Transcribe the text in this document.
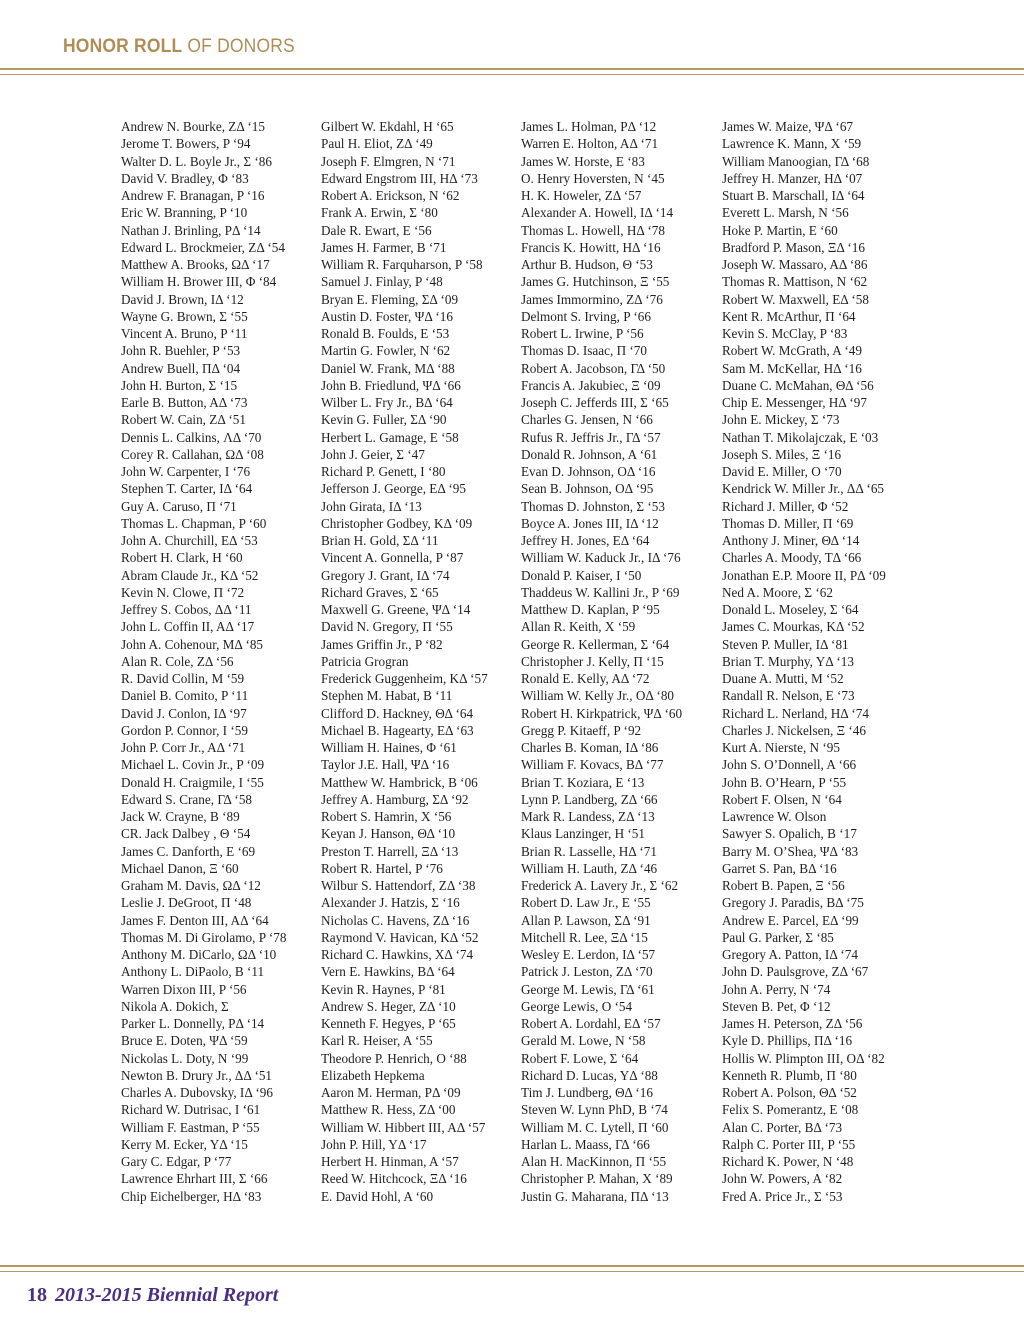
HONOR ROLL OF DONORS
Andrew N. Bourke, ZΔ ‘15
Jerome T. Bowers, P ‘94
Walter D. L. Boyle Jr., Σ ‘86
David V. Bradley, Φ ‘83
Andrew F. Branagan, P ‘16
Eric W. Branning, P ‘10
Nathan J. Brinling, PΔ ‘14
Edward L. Brockmeier, ZΔ ‘54
Matthew A. Brooks, ΩΔ ‘17
William H. Brower III, Φ ‘84
David J. Brown, IΔ ‘12
Wayne G. Brown, Σ ‘55
Vincent A. Bruno, P ‘11
John R. Buehler, P ‘53
Andrew Buell, ΠΔ ‘04
John H. Burton, Σ ‘15
Earle B. Button, AΔ ‘73
Robert W. Cain, ZΔ ‘51
Dennis L. Calkins, ΛΔ ‘70
Corey R. Callahan, ΩΔ ‘08
John W. Carpenter, I ‘76
Stephen T. Carter, IΔ ‘64
Guy A. Caruso, Π ‘71
Thomas L. Chapman, P ‘60
John A. Churchill, EΔ ‘53
Robert H. Clark, H ‘60
Abram Claude Jr., KΔ ‘52
Kevin N. Clowe, Π ‘72
Jeffrey S. Cobos, ΔΔ ‘11
John L. Coffin II, AΔ ‘17
John A. Cohenour, MΔ ‘85
Alan R. Cole, ZΔ ‘56
R. David Collin, M ‘59
Daniel B. Comito, P ‘11
David J. Conlon, IΔ ‘97
Gordon P. Connor, I ‘59
John P. Corr Jr., AΔ ‘71
Michael L. Covin Jr., P ‘09
Donald H. Craigmile, I ‘55
Edward S. Crane, ΓΔ ‘58
Jack W. Crayne, B ‘89
CR. Jack Dalbey , Θ ‘54
James C. Danforth, E ‘69
Michael Danon, Ξ ‘60
Graham M. Davis, ΩΔ ‘12
Leslie J. DeGroot, Π ‘48
James F. Denton III, AΔ ‘64
Thomas M. Di Girolamo, P ‘78
Anthony M. DiCarlo, ΩΔ ‘10
Anthony L. DiPaolo, B ‘11
Warren Dixon III, P ‘56
Nikola A. Dokich, Σ
Parker L. Donnelly, PΔ ‘14
Bruce E. Doten, ΨΔ ‘59
Nickolas L. Doty, N ‘99
Newton B. Drury Jr., ΔΔ ‘51
Charles A. Dubovsky, IΔ ‘96
Richard W. Dutrisac, I ‘61
William F. Eastman, P ‘55
Kerry M. Ecker, YΔ ‘15
Gary C. Edgar, P ‘77
Lawrence Ehrhart III, Σ ‘66
Chip Eichelberger, HΔ ‘83
Gilbert W. Ekdahl, H ‘65
Paul H. Eliot, ZΔ ‘49
Joseph F. Elmgren, N ‘71
Edward Engstrom III, HΔ ‘73
Robert A. Erickson, N ‘62
Frank A. Erwin, Σ ‘80
Dale R. Ewart, E ‘56
James H. Farmer, B ‘71
William R. Farquharson, P ‘58
Samuel J. Finlay, P ‘48
Bryan E. Fleming, ΣΔ ‘09
Austin D. Foster, ΨΔ ‘16
Ronald B. Foulds, E ‘53
Martin G. Fowler, N ‘62
Daniel W. Frank, MΔ ‘88
John B. Friedlund, ΨΔ ‘66
Wilber L. Fry Jr., BΔ ‘64
Kevin G. Fuller, ΣΔ ‘90
Herbert L. Gamage, E ‘58
John J. Geier, Σ ‘47
Richard P. Genett, I ‘80
Jefferson J. George, EΔ ‘95
John Girata, IΔ ‘13
Christopher Godbey, KΔ ‘09
Brian H. Gold, ΣΔ ‘11
Vincent A. Gonnella, P ‘87
Gregory J. Grant, IΔ ‘74
Richard Graves, Σ ‘65
Maxwell G. Greene, ΨΔ ‘14
David N. Gregory, Π ‘55
James Griffin Jr., P ‘82
Patricia Grogran
Frederick Guggenheim, KΔ ‘57
Stephen M. Habat, B ‘11
Clifford D. Hackney, ΘΔ ‘64
Michael B. Hagearty, EΔ ‘63
William H. Haines, Φ ‘61
Taylor J.E. Hall, ΨΔ ‘16
Matthew W. Hambrick, B ‘06
Jeffrey A. Hamburg, ΣΔ ‘92
Robert S. Hamrin, X ‘56
Keyan J. Hanson, ΘΔ ‘10
Preston T. Harrell, ΞΔ ‘13
Robert R. Hartel, P ‘76
Wilbur S. Hattendorf, ZΔ ‘38
Alexander J. Hatzis, Σ ‘16
Nicholas C. Havens, ZΔ ‘16
Raymond V. Havican, KΔ ‘52
Richard C. Hawkins, XΔ ‘74
Vern E. Hawkins, BΔ ‘64
Kevin R. Haynes, P ‘81
Andrew S. Heger, ZΔ ‘10
Kenneth F. Hegyes, P ‘65
Karl R. Heiser, A ‘55
Theodore P. Henrich, O ‘88
Elizabeth Hepkema
Aaron M. Herman, PΔ ‘09
Matthew R. Hess, ZΔ ‘00
William W. Hibbert III, AΔ ‘57
John P. Hill, YΔ ‘17
Herbert H. Hinman, A ‘57
Reed W. Hitchcock, ΞΔ ‘16
E. David Hohl, A ‘60
James L. Holman, PΔ ‘12
Warren E. Holton, AΔ ‘71
James W. Horste, E ‘83
O. Henry Hoversten, N ‘45
H. K. Howeler, ZΔ ‘57
Alexander A. Howell, IΔ ‘14
Thomas L. Howell, HΔ ‘78
Francis K. Howitt, HΔ ‘16
Arthur B. Hudson, Θ ‘53
James G. Hutchinson, Ξ ‘55
James Immormino, ZΔ ‘76
Delmont S. Irving, P ‘66
Robert L. Irwine, P ‘56
Thomas D. Isaac, Π ‘70
Robert A. Jacobson, ΓΔ ‘50
Francis A. Jakubiec, Ξ ‘09
Joseph C. Jefferds III, Σ ‘65
Charles G. Jensen, N ‘66
Rufus R. Jeffris Jr., ΓΔ ‘57
Donald R. Johnson, A ‘61
Evan D. Johnson, OΔ ‘16
Sean B. Johnson, OΔ ‘95
Thomas D. Johnston, Σ ‘53
Boyce A. Jones III, IΔ ‘12
Jeffrey H. Jones, EΔ ‘64
William W. Kaduck Jr., IΔ ‘76
Donald P. Kaiser, I ‘50
Thaddeus W. Kallini Jr., P ‘69
Matthew D. Kaplan, P ‘95
Allan R. Keith, X ‘59
George R. Kellerman, Σ ‘64
Christopher J. Kelly, Π ‘15
Ronald E. Kelly, AΔ ‘72
William W. Kelly Jr., OΔ ‘80
Robert H. Kirkpatrick, ΨΔ ‘60
Gregg P. Kitaeff, P ‘92
Charles B. Koman, IΔ ‘86
William F. Kovacs, BΔ ‘77
Brian T. Koziara, E ‘13
Lynn P. Landberg, ZΔ ‘66
Mark R. Landess, ZΔ ‘13
Klaus Lanzinger, H ‘51
Brian R. Lasselle, HΔ ‘71
William H. Lauth, ZΔ ‘46
Frederick A. Lavery Jr., Σ ‘62
Robert D. Law Jr., E ‘55
Allan P. Lawson, ΣΔ ‘91
Mitchell R. Lee, ΞΔ ‘15
Wesley E. Lerdon, IΔ ‘57
Patrick J. Leston, ZΔ ‘70
George M. Lewis, ΓΔ ‘61
George Lewis, O ‘54
Robert A. Lordahl, EΔ ‘57
Gerald M. Lowe, N ‘58
Robert F. Lowe, Σ ‘64
Richard D. Lucas, YΔ ‘88
Tim J. Lundberg, ΘΔ ‘16
Steven W. Lynn PhD, B ‘74
William M. C. Lytell, Π ‘60
Harlan L. Maass, ΓΔ ‘66
Alan H. MacKinnon, Π ‘55
Christopher P. Mahan, X ‘89
Justin G. Maharana, ΠΔ ‘13
James W. Maize, ΨΔ ‘67
Lawrence K. Mann, X ‘59
William Manoogian, ΓΔ ‘68
Jeffrey H. Manzer, HΔ ‘07
Stuart B. Marschall, IΔ ‘64
Everett L. Marsh, N ‘56
Hoke P. Martin, E ‘60
Bradford P. Mason, ΞΔ ‘16
Joseph W. Massaro, AΔ ‘86
Thomas R. Mattison, N ‘62
Robert W. Maxwell, EΔ ‘58
Kent R. McArthur, Π ‘64
Kevin S. McClay, P ‘83
Robert W. McGrath, A ‘49
Sam M. McKellar, HΔ ‘16
Duane C. McMahan, ΘΔ ‘56
Chip E. Messenger, HΔ ‘97
John E. Mickey, Σ ‘73
Nathan T. Mikolajczak, E ‘03
Joseph S. Miles, Ξ ‘16
David E. Miller, O ‘70
Kendrick W. Miller Jr., ΔΔ ‘65
Richard J. Miller, Φ ‘52
Thomas D. Miller, Π ‘69
Anthony J. Miner, ΘΔ ‘14
Charles A. Moody, TΔ ‘66
Jonathan E.P. Moore II, PΔ ‘09
Ned A. Moore, Σ ‘62
Donald L. Moseley, Σ ‘64
James C. Mourkas, KΔ ‘52
Steven P. Muller, IΔ ‘81
Brian T. Murphy, YΔ ‘13
Duane A. Mutti, M ‘52
Randall R. Nelson, E ‘73
Richard L. Nerland, HΔ ‘74
Charles J. Nickelsen, Ξ ‘46
Kurt A. Nierste, N ‘95
John S. O’Donnell, A ‘66
John B. O’Hearn, P ‘55
Robert F. Olsen, N ‘64
Lawrence W. Olson
Sawyer S. Opalich, B ‘17
Barry M. O’Shea, ΨΔ ‘83
Garret S. Pan, BΔ ‘16
Robert B. Papen, Ξ ‘56
Gregory J. Paradis, BΔ ‘75
Andrew E. Parcel, EΔ ‘99
Paul G. Parker, Σ ‘85
Gregory A. Patton, IΔ ‘74
John D. Paulsgrove, ZΔ ‘67
John A. Perry, N ‘74
Steven B. Pet, Φ ‘12
James H. Peterson, ZΔ ‘56
Kyle D. Phillips, ΠΔ ‘16
Hollis W. Plimpton III, OΔ ‘82
Kenneth R. Plumb, Π ‘80
Robert A. Polson, ΘΔ ‘52
Felix S. Pomerantz, E ‘08
Alan C. Porter, BΔ ‘73
Ralph C. Porter III, P ‘55
Richard K. Power, N ‘48
John W. Powers, A ‘82
Fred A. Price Jr., Σ ‘53
18 2013-2015 Biennial Report
